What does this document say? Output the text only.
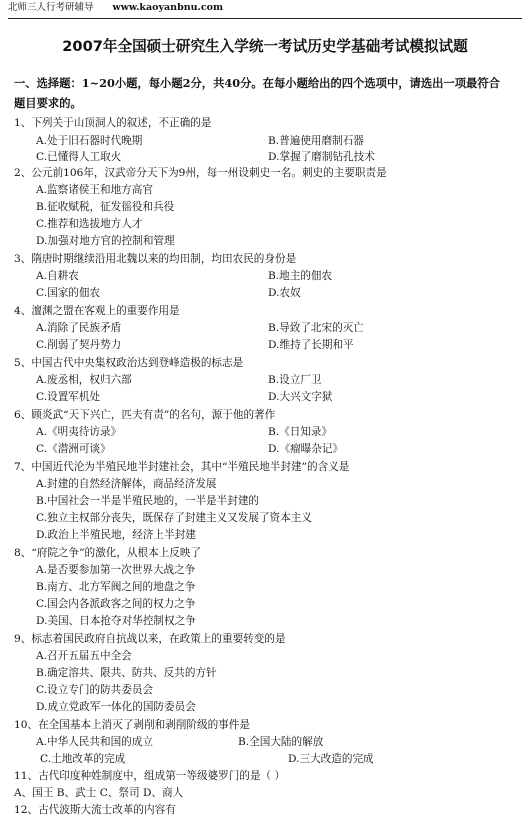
北师三人行考研辅导 www.kaoyanbnu.com
2007年全国硕士研究生入学统一考试历史学基础考试模拟试题
一、选择题：1~20小题，每小题2分，共40分。在每小题给出的四个选项中，请选出一项最符合
题目要求的。
1、下列关于山顶洞人的叙述，不正确的是
A.处于旧石器时代晚期	B.普遍使用磨制石器
C.已懂得人工取火	D.掌握了磨制钻孔技术
2、公元前106年，汉武帝分天下为9州，每一州设刺史一名。刺史的主要职责是
A.监察诸侯王和地方高官
B.征收赋税，征发徭役和兵役
C.推荐和选拔地方人才
D.加强对地方官的控制和管理
3、隋唐时期继续沿用北魏以来的均田制，均田农民的身份是
A.自耕农	B.地主的佃农
C.国家的佃农	D.农奴
4、澶渊之盟在客观上的重要作用是
A.消除了民族矛盾	B.导致了北宋的灭亡
C.削弱了契丹势力	D.维持了长期和平
5、中国古代中央集权政治达到登峰造极的标志是
A.废丞相，权归六部	B.设立厂卫
C.设置军机处	D.大兴文字狱
6、顾炎武“天下兴亡，匹夫有责”的名句，源于他的著作
A.《明夷待访录》	B.《日知录》
C.《潜洲可谈》	D.《瘤曝杂记》
7、中国近代沦为半殖民地半封建社会，其中“半殖民地半封建”的含义是
A.封建的自然经济解体，商品经济发展
B.中国社会一半是半殖民地的，一半是半封建的
C.独立主权部分丧失，既保存了封建主义又发展了资本主义
D.政治上半殖民地，经济上半封建
8、“府院之争”的激化，从根本上反映了
A.是否要参加第一次世界大战之争
B.南方、北方军阀之间的地盘之争
C.国会内各派政客之间的权力之争
D.美国、日本抢夺对华控制权之争
9、标志着国民政府自抗战以来，在政策上的重要转变的是
A.召开五届五中全会
B.确定溶共、限共、防共、反共的方针
C.设立专门的防共委员会
D.成立党政军一体化的国防委员会
10、在全国基本上消灭了剥削和剥削阶级的事件是
A.中华人民共和国的成立	B.全国大陆的解放
C.土地改革的完成	D.三大改造的完成
11、古代印度种姓制度中，组成第一等级婆罗门的是（ ）
A、国王 B、武士 C、祭司 D、商人
12、古代波斯大流士改革的内容有
